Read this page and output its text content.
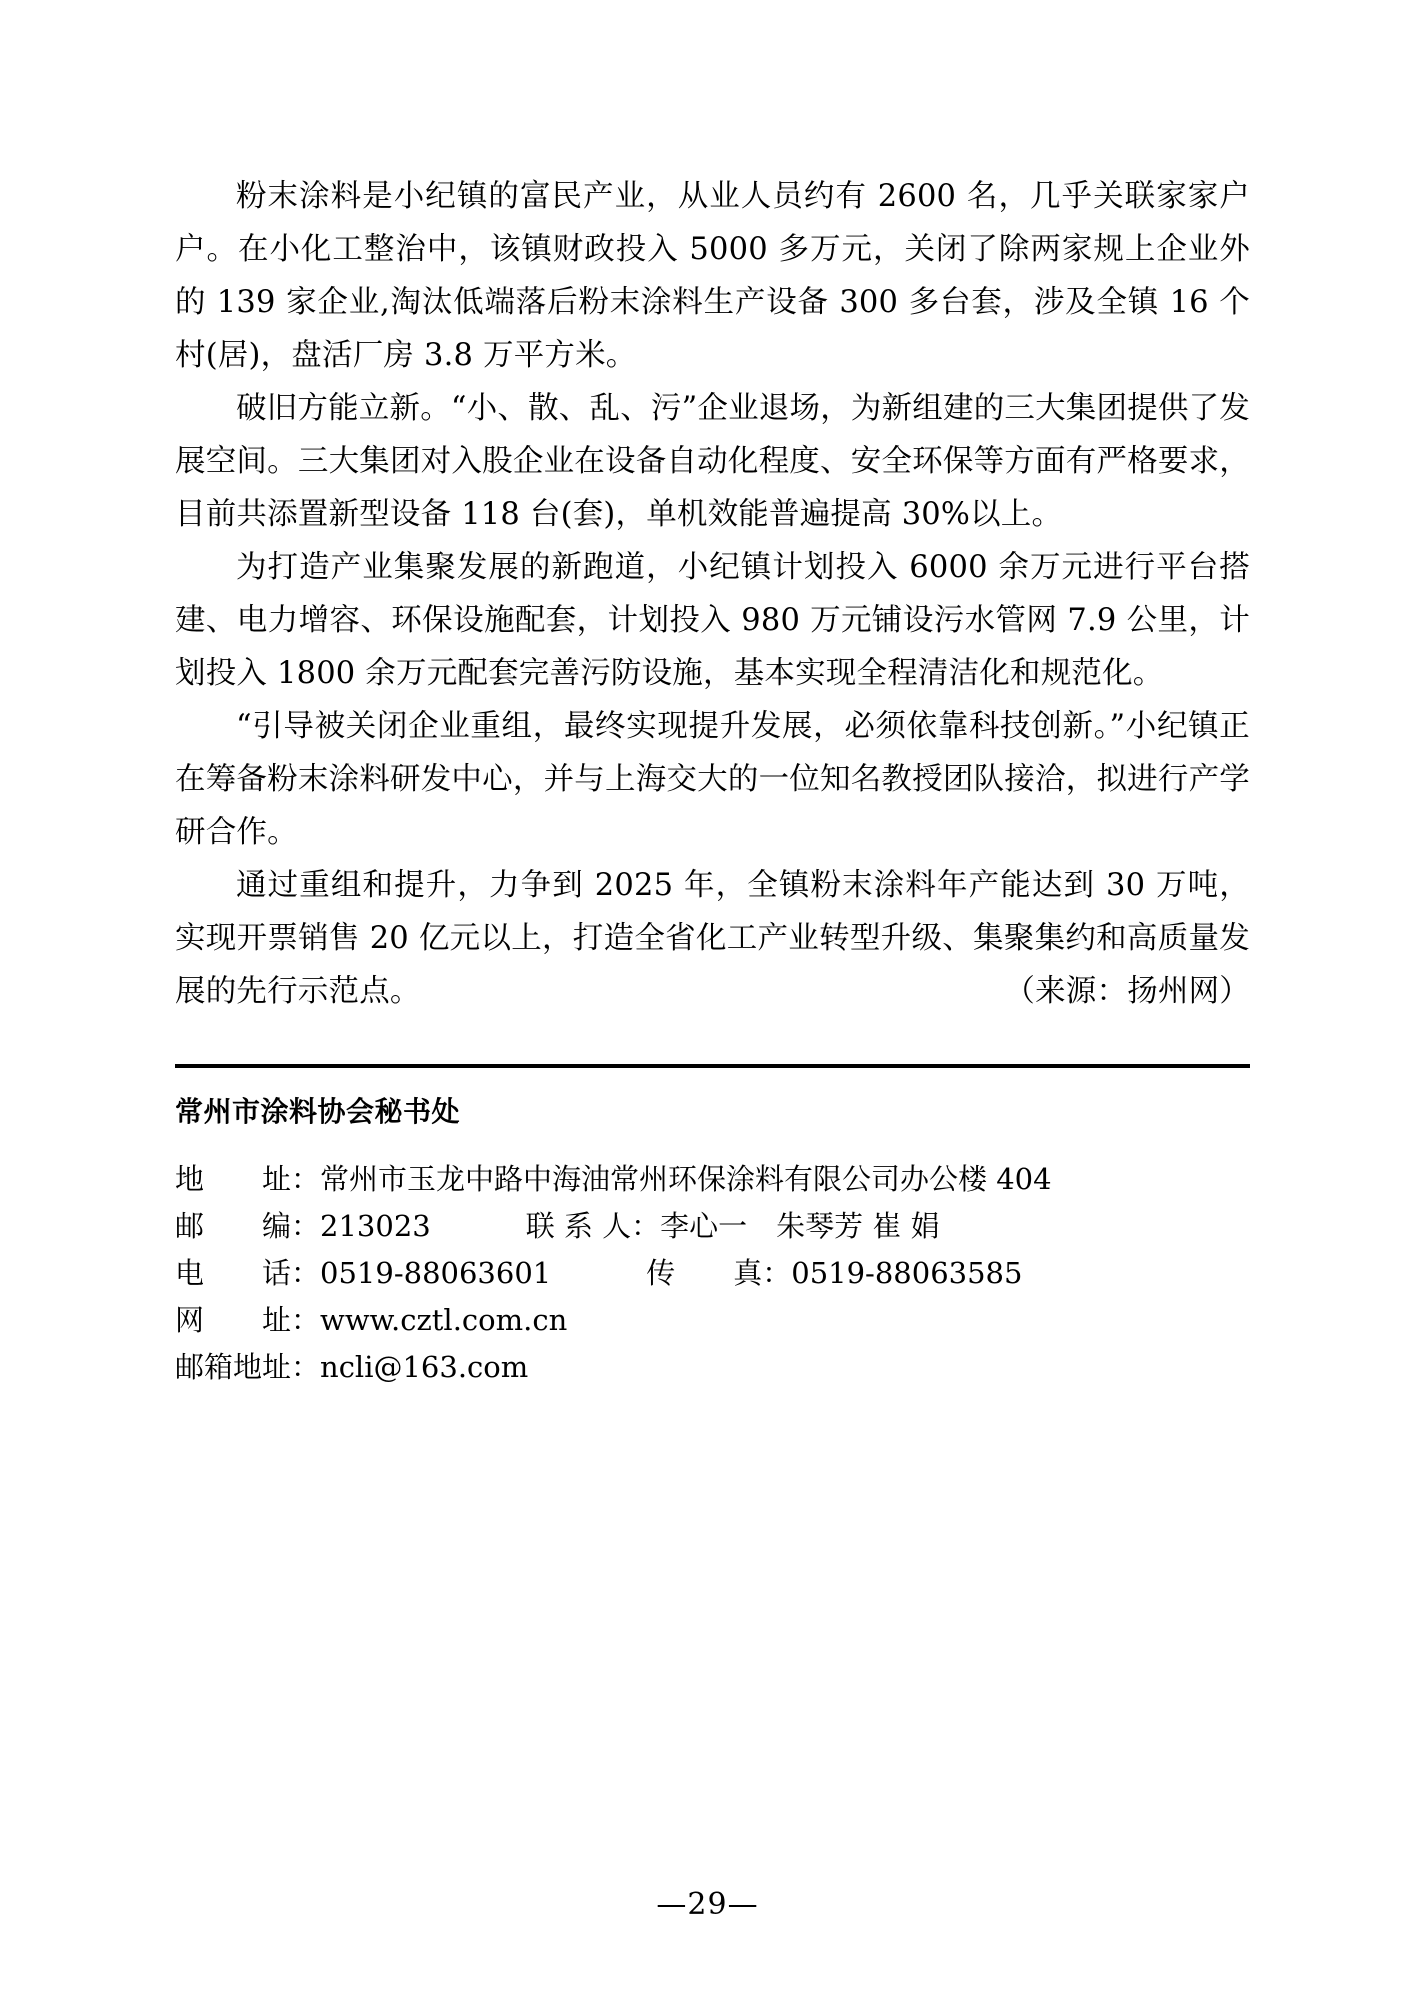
粉末涂料是小纪镇的富民产业，从业人员约有 2600 名，几乎关联家家户户。在小化工整治中，该镇财政投入 5000 多万元，关闭了除两家规上企业外的 139 家企业,淘汰低端落后粉末涂料生产设备 300 多台套，涉及全镇 16 个村(居)，盘活厂房 3.8 万平方米。

破旧方能立新。“小、散、乱、污”企业退场，为新组建的三大集团提供了发展空间。三大集团对入股企业在设备自动化程度、安全环保等方面有严格要求，目前共添置新型设备 118 台(套)，单机效能普遍提高 30%以上。

为打造产业集聚发展的新跑道，小纪镇计划投入 6000 余万元进行平台搭建、电力增容、环保设施配套，计划投入 980 万元铺设污水管网 7.9 公里，计划投入 1800 余万元配套完善污防设施，基本实现全程清洁化和规范化。

“引导被关闭企业重组，最终实现提升发展，必须依靠科技创新。”小纪镇正在筹备粉末涂料研发中心，并与上海交大的一位知名教授团队接洽，拟进行产学研合作。

通过重组和提升，力争到 2025 年，全镇粉末涂料年产能达到 30 万吨，实现开票销售 20 亿元以上，打造全省化工产业转型升级、集聚集约和高质量发展的先行示范点。	（来源：扬州网）

常州市涂料协会秘书处
地　　址：常州市玉龙中路中海油常州环保涂料有限公司办公楼 404
邮　　编：213023	联 系 人：李心一　朱琴芳 崔 娟
电　　话：0519-88063601	传　　真：0519-88063585
网　　址：www.cztl.com.cn
邮箱地址：ncli@163.com
—29—
